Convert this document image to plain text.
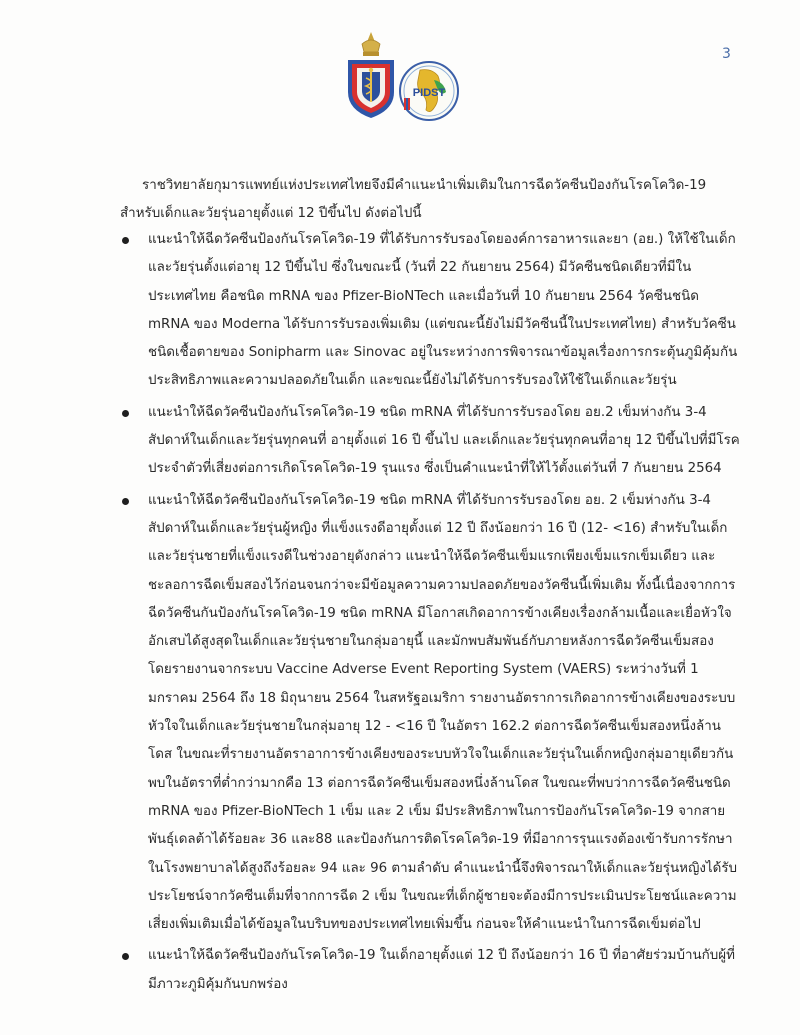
3
PIDST
ราชวิทยาลัยกุมารแพทย์แห่งประเทศไทยจึงมีคำแนะนำเพิ่มเติมในการฉีดวัคซีนป้องกันโรคโควิด-19
สำหรับเด็กและวัยรุ่นอายุตั้งแต่ 12 ปีขึ้นไป ดังต่อไปนี้
แนะนำให้ฉีดวัคซีนป้องกันโรคโควิด-19 ที่ได้รับการรับรองโดยองค์การอาหารและยา (อย.) ให้ใช้ในเด็กและวัยรุ่นตั้งแต่อายุ 12 ปีขึ้นไป ซึ่งในขณะนี้ (วันที่ 22 กันยายน 2564) มีวัคซีนชนิดเดียวที่มีในประเทศไทย คือชนิด mRNA ของ Pfizer-BioNTech และเมื่อวันที่ 10 กันยายน 2564 วัคซีนชนิด mRNA ของ Moderna ได้รับการรับรองเพิ่มเติม (แต่ขณะนี้ยังไม่มีวัคซีนนี้ในประเทศไทย) สำหรับวัคซีนชนิดเชื้อตายของ Sonipharm และ Sinovac อยู่ในระหว่างการพิจารณาข้อมูลเรื่องการกระตุ้นภูมิคุ้มกัน ประสิทธิภาพและความปลอดภัยในเด็ก และขณะนี้ยังไม่ได้รับการรับรองให้ใช้ในเด็กและวัยรุ่น
แนะนำให้ฉีดวัคซีนป้องกันโรคโควิด-19 ชนิด mRNA ที่ได้รับการรับรองโดย อย.2 เข็มห่างกัน 3-4 สัปดาห์ในเด็กและวัยรุ่นทุกคนที่ อายุตั้งแต่ 16 ปี ขึ้นไป และเด็กและวัยรุ่นทุกคนที่อายุ 12 ปีขึ้นไปที่มีโรคประจำตัวที่เสี่ยงต่อการเกิดโรคโควิด-19 รุนแรง ซึ่งเป็นคำแนะนำที่ให้ไว้ตั้งแต่วันที่ 7 กันยายน 2564
แนะนำให้ฉีดวัคซีนป้องกันโรคโควิด-19 ชนิด mRNA ที่ได้รับการรับรองโดย อย. 2 เข็มห่างกัน 3-4 สัปดาห์ในเด็กและวัยรุ่นผู้หญิง ที่แข็งแรงดีอายุตั้งแต่ 12 ปี ถึงน้อยกว่า 16 ปี (12- <16) สำหรับในเด็กและวัยรุ่นชายที่แข็งแรงดีในช่วงอายุดังกล่าว แนะนำให้ฉีดวัคซีนเข็มแรกเพียงเข็มแรกเข็มเดียว และชะลอการฉีดเข็มสองไว้ก่อนจนกว่าจะมีข้อมูลความความปลอดภัยของวัคซีนนี้เพิ่มเติม ทั้งนี้เนื่องจากการฉีดวัคซีนกันป้องกันโรคโควิด-19 ชนิด mRNA มีโอกาสเกิดอาการข้างเคียงเรื่องกล้ามเนื้อและเยื่อหัวใจอักเสบได้สูงสุดในเด็กและวัยรุ่นชายในกลุ่มอายุนี้ และมักพบสัมพันธ์กับภายหลังการฉีดวัคซีนเข็มสอง โดยรายงานจากระบบ Vaccine Adverse Event Reporting System (VAERS) ระหว่างวันที่ 1 มกราคม 2564 ถึง 18 มิถุนายน 2564 ในสหรัฐอเมริกา รายงานอัตราการเกิดอาการข้างเคียงของระบบหัวใจในเด็กและวัยรุ่นชายในกลุ่มอายุ 12 - <16 ปี ในอัตรา 162.2 ต่อการฉีดวัคซีนเข็มสองหนึ่งล้านโดส ในขณะที่รายงานอัตราอาการข้างเคียงของระบบหัวใจในเด็กและวัยรุ่นในเด็กหญิงกลุ่มอายุเดียวกันพบในอัตราที่ต่ำกว่ามากคือ 13 ต่อการฉีดวัคซีนเข็มสองหนึ่งล้านโดส ในขณะที่พบว่าการฉีดวัคซีนชนิด mRNA ของ Pfizer-BioNTech 1 เข็ม และ 2 เข็ม มีประสิทธิภาพในการป้องกันโรคโควิด-19 จากสายพันธุ์เดลต้าได้ร้อยละ 36 และ88 และป้องกันการติดโรคโควิด-19 ที่มีอาการรุนแรงต้องเข้ารับการรักษาในโรงพยาบาลได้สูงถึงร้อยละ 94 และ 96 ตามลำดับ คำแนะนำนี้จึงพิจารณาให้เด็กและวัยรุ่นหญิงได้รับประโยชน์จากวัคซีนเต็มที่จากการฉีด 2 เข็ม ในขณะที่เด็กผู้ชายจะต้องมีการประเมินประโยชน์และความเสี่ยงเพิ่มเติมเมื่อได้ข้อมูลในบริบทของประเทศไทยเพิ่มขึ้น ก่อนจะให้คำแนะนำในการฉีดเข็มต่อไป
แนะนำให้ฉีดวัคซีนป้องกันโรคโควิด-19 ในเด็กอายุตั้งแต่ 12 ปี ถึงน้อยกว่า 16 ปี ที่อาศัยร่วมบ้านกับผู้ที่มีภาวะภูมิคุ้มกันบกพร่อง
